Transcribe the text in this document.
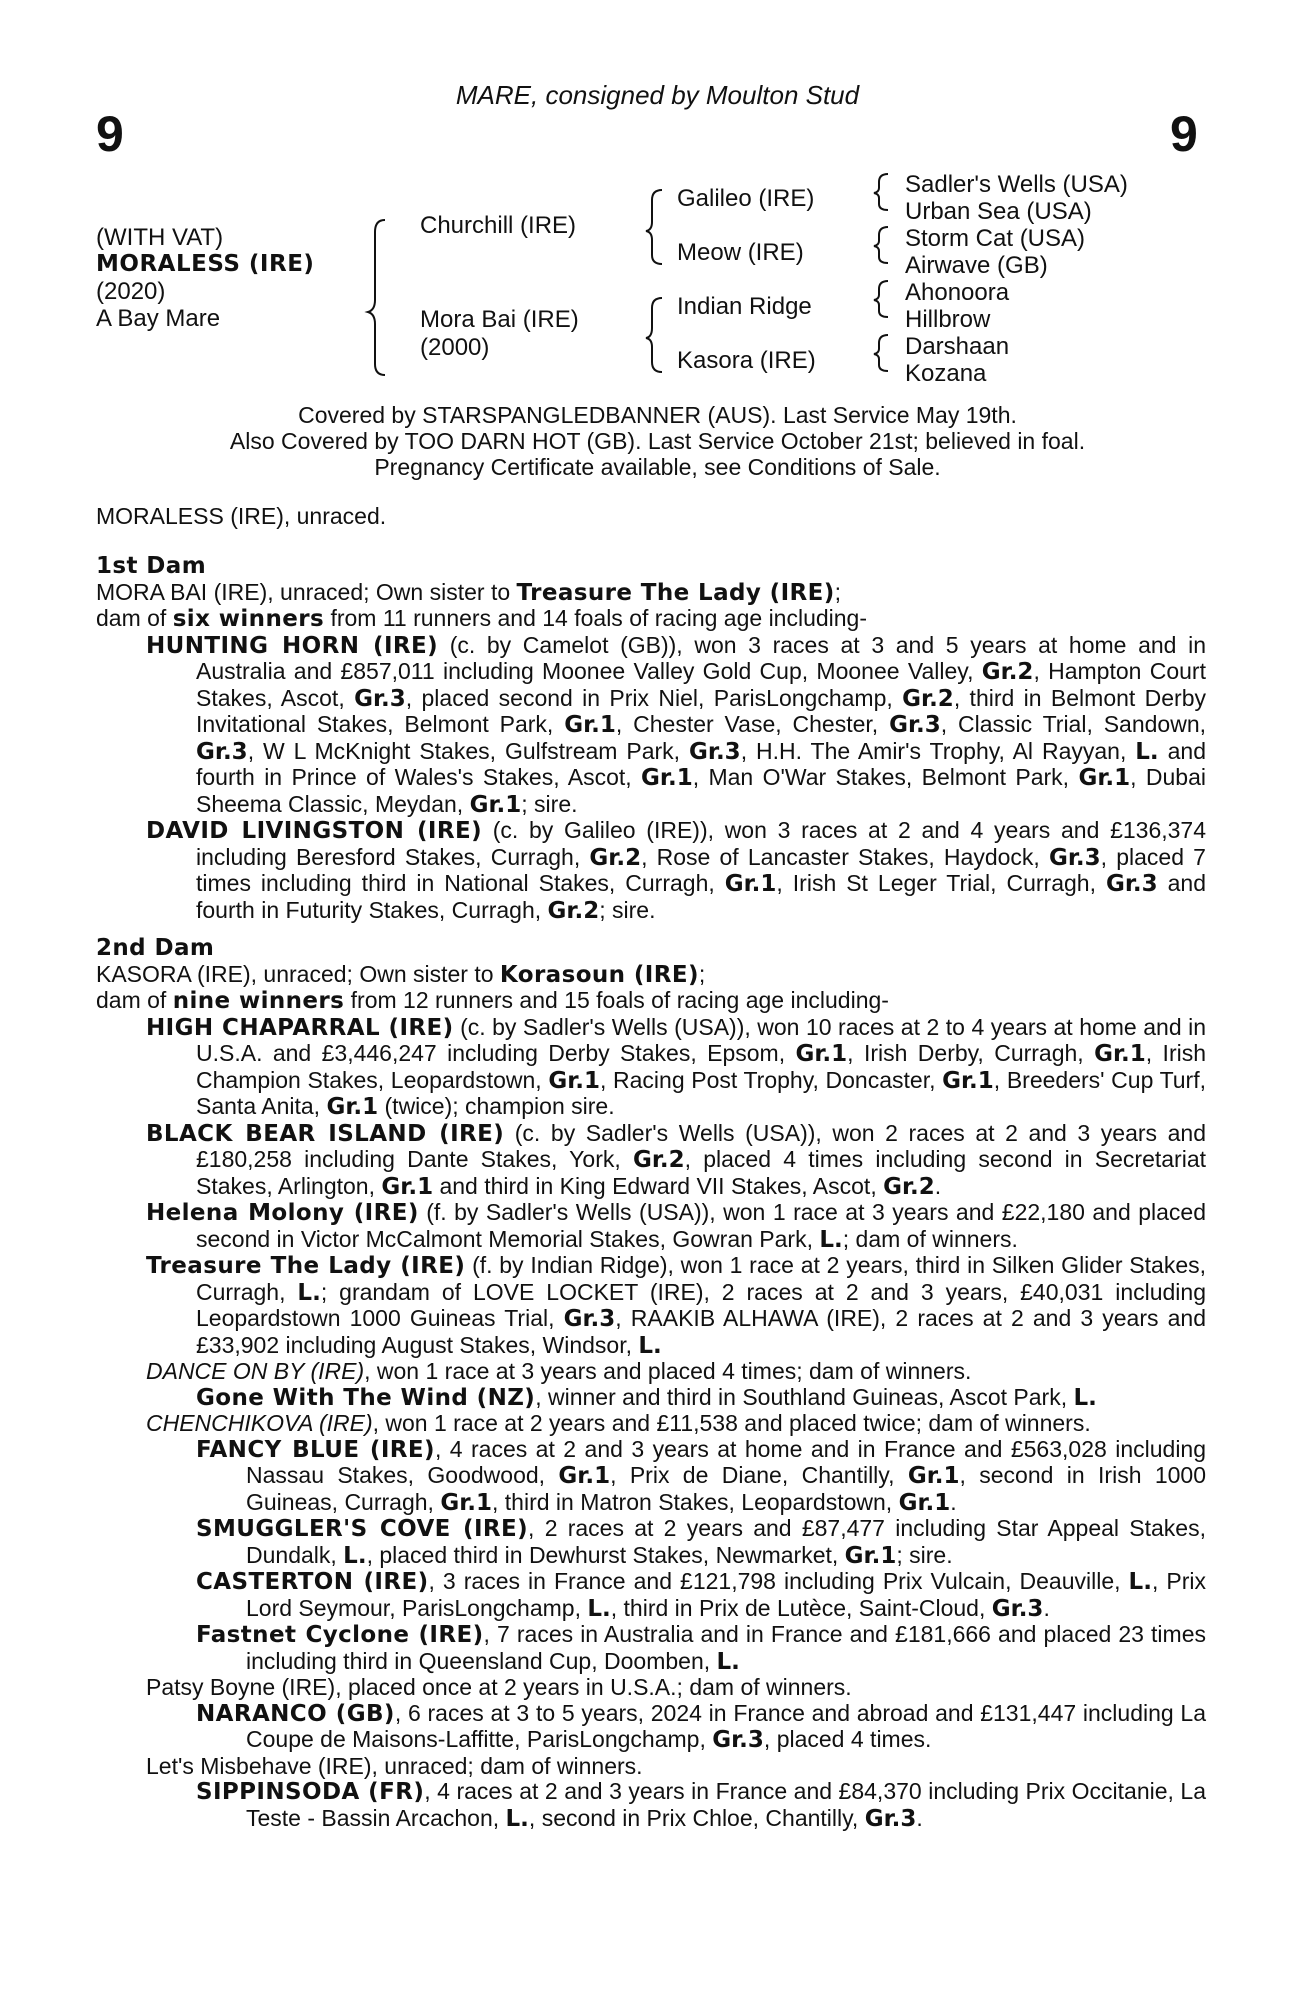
MARE, consigned by Moulton Stud
9	9
(WITH VAT)
MORALESS (IRE)
(2020)
A Bay Mare
Churchill (IRE)
Mora Bai (IRE)
(2000)
Galileo (IRE)
Meow (IRE)
Indian Ridge
Kasora (IRE)
Sadler's Wells (USA)
Urban Sea (USA)
Storm Cat (USA)
Airwave (GB)
Ahonoora
Hillbrow
Darshaan
Kozana
Covered by STARSPANGLEDBANNER (AUS). Last Service May 19th.
Also Covered by TOO DARN HOT (GB). Last Service October 21st; believed in foal.
Pregnancy Certificate available, see Conditions of Sale.
MORALESS (IRE), unraced.
1st Dam
MORA BAI (IRE), unraced; Own sister to Treasure The Lady (IRE);
dam of six winners from 11 runners and 14 foals of racing age including-

HUNTING HORN (IRE) (c. by Camelot (GB)), won 3 races at 3 and 5 years at home and in Australia and £857,011 including Moonee Valley Gold Cup, Moonee Valley, Gr.2, Hampton Court Stakes, Ascot, Gr.3, placed second in Prix Niel, ParisLongchamp, Gr.2, third in Belmont Derby Invitational Stakes, Belmont Park, Gr.1, Chester Vase, Chester, Gr.3, Classic Trial, Sandown, Gr.3, W L McKnight Stakes, Gulfstream Park, Gr.3, H.H. The Amir's Trophy, Al Rayyan, L. and fourth in Prince of Wales's Stakes, Ascot, Gr.1, Man O'War Stakes, Belmont Park, Gr.1, Dubai Sheema Classic, Meydan, Gr.1; sire.

DAVID LIVINGSTON (IRE) (c. by Galileo (IRE)), won 3 races at 2 and 4 years and £136,374 including Beresford Stakes, Curragh, Gr.2, Rose of Lancaster Stakes, Haydock, Gr.3, placed 7 times including third in National Stakes, Curragh, Gr.1, Irish St Leger Trial, Curragh, Gr.3 and fourth in Futurity Stakes, Curragh, Gr.2; sire.

2nd Dam
KASORA (IRE), unraced; Own sister to Korasoun (IRE);
dam of nine winners from 12 runners and 15 foals of racing age including-

HIGH CHAPARRAL (IRE) (c. by Sadler's Wells (USA)), won 10 races at 2 to 4 years at home and in U.S.A. and £3,446,247 including Derby Stakes, Epsom, Gr.1, Irish Derby, Curragh, Gr.1, Irish Champion Stakes, Leopardstown, Gr.1, Racing Post Trophy, Doncaster, Gr.1, Breeders' Cup Turf, Santa Anita, Gr.1 (twice); champion sire.

BLACK BEAR ISLAND (IRE) (c. by Sadler's Wells (USA)), won 2 races at 2 and 3 years and £180,258 including Dante Stakes, York, Gr.2, placed 4 times including second in Secretariat Stakes, Arlington, Gr.1 and third in King Edward VII Stakes, Ascot, Gr.2.

Helena Molony (IRE) (f. by Sadler's Wells (USA)), won 1 race at 3 years and £22,180 and placed second in Victor McCalmont Memorial Stakes, Gowran Park, L.; dam of winners.

Treasure The Lady (IRE) (f. by Indian Ridge), won 1 race at 2 years, third in Silken Glider Stakes, Curragh, L.; grandam of LOVE LOCKET (IRE), 2 races at 2 and 3 years, £40,031 including Leopardstown 1000 Guineas Trial, Gr.3, RAAKIB ALHAWA (IRE), 2 races at 2 and 3 years and £33,902 including August Stakes, Windsor, L.

DANCE ON BY (IRE), won 1 race at 3 years and placed 4 times; dam of winners.

Gone With The Wind (NZ), winner and third in Southland Guineas, Ascot Park, L.

CHENCHIKOVA (IRE), won 1 race at 2 years and £11,538 and placed twice; dam of winners.

FANCY BLUE (IRE), 4 races at 2 and 3 years at home and in France and £563,028 including Nassau Stakes, Goodwood, Gr.1, Prix de Diane, Chantilly, Gr.1, second in Irish 1000 Guineas, Curragh, Gr.1, third in Matron Stakes, Leopardstown, Gr.1.

SMUGGLER'S COVE (IRE), 2 races at 2 years and £87,477 including Star Appeal Stakes, Dundalk, L., placed third in Dewhurst Stakes, Newmarket, Gr.1; sire.

CASTERTON (IRE), 3 races in France and £121,798 including Prix Vulcain, Deauville, L., Prix Lord Seymour, ParisLongchamp, L., third in Prix de Lutèce, Saint-Cloud, Gr.3.

Fastnet Cyclone (IRE), 7 races in Australia and in France and £181,666 and placed 23 times including third in Queensland Cup, Doomben, L.

Patsy Boyne (IRE), placed once at 2 years in U.S.A.; dam of winners.

NARANCO (GB), 6 races at 3 to 5 years, 2024 in France and abroad and £131,447 including La Coupe de Maisons-Laffitte, ParisLongchamp, Gr.3, placed 4 times.

Let's Misbehave (IRE), unraced; dam of winners.

SIPPINSODA (FR), 4 races at 2 and 3 years in France and £84,370 including Prix Occitanie, La Teste - Bassin Arcachon, L., second in Prix Chloe, Chantilly, Gr.3.
